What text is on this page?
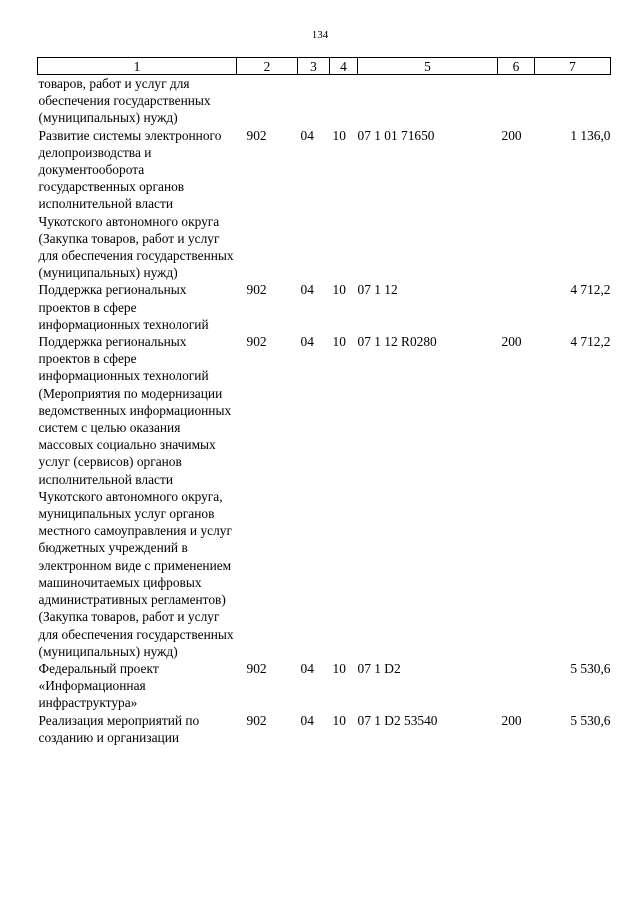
134
1	2	3	4	5	6	7
товаров, работ и услуг для обеспечения государственных (муниципальных) нужд)						
Развитие системы электронного делопроизводства и документооборота государственных органов исполнительной власти Чукотского автономного округа (Закупка товаров, работ и услуг для обеспечения государственных (муниципальных) нужд)	902	04	10	07 1 01 71650	200	1 136,0
Поддержка региональных проектов в сфере информационных технологий	902	04	10	07 1 12		4 712,2
Поддержка региональных проектов в сфере информационных технологий (Мероприятия по модернизации ведомственных информационных систем с целью оказания массовых социально значимых услуг (сервисов) органов исполнительной власти Чукотского автономного округа, муниципальных услуг органов местного самоуправления и услуг бюджетных учреждений в электронном виде с применением машиночитаемых цифровых административных регламентов) (Закупка товаров, работ и услуг для обеспечения государственных (муниципальных) нужд)	902	04	10	07 1 12 R0280	200	4 712,2
Федеральный проект «Информационная инфраструктура»	902	04	10	07 1 D2		5 530,6
Реализация мероприятий по созданию и организации	902	04	10	07 1 D2 53540	200	5 530,6
